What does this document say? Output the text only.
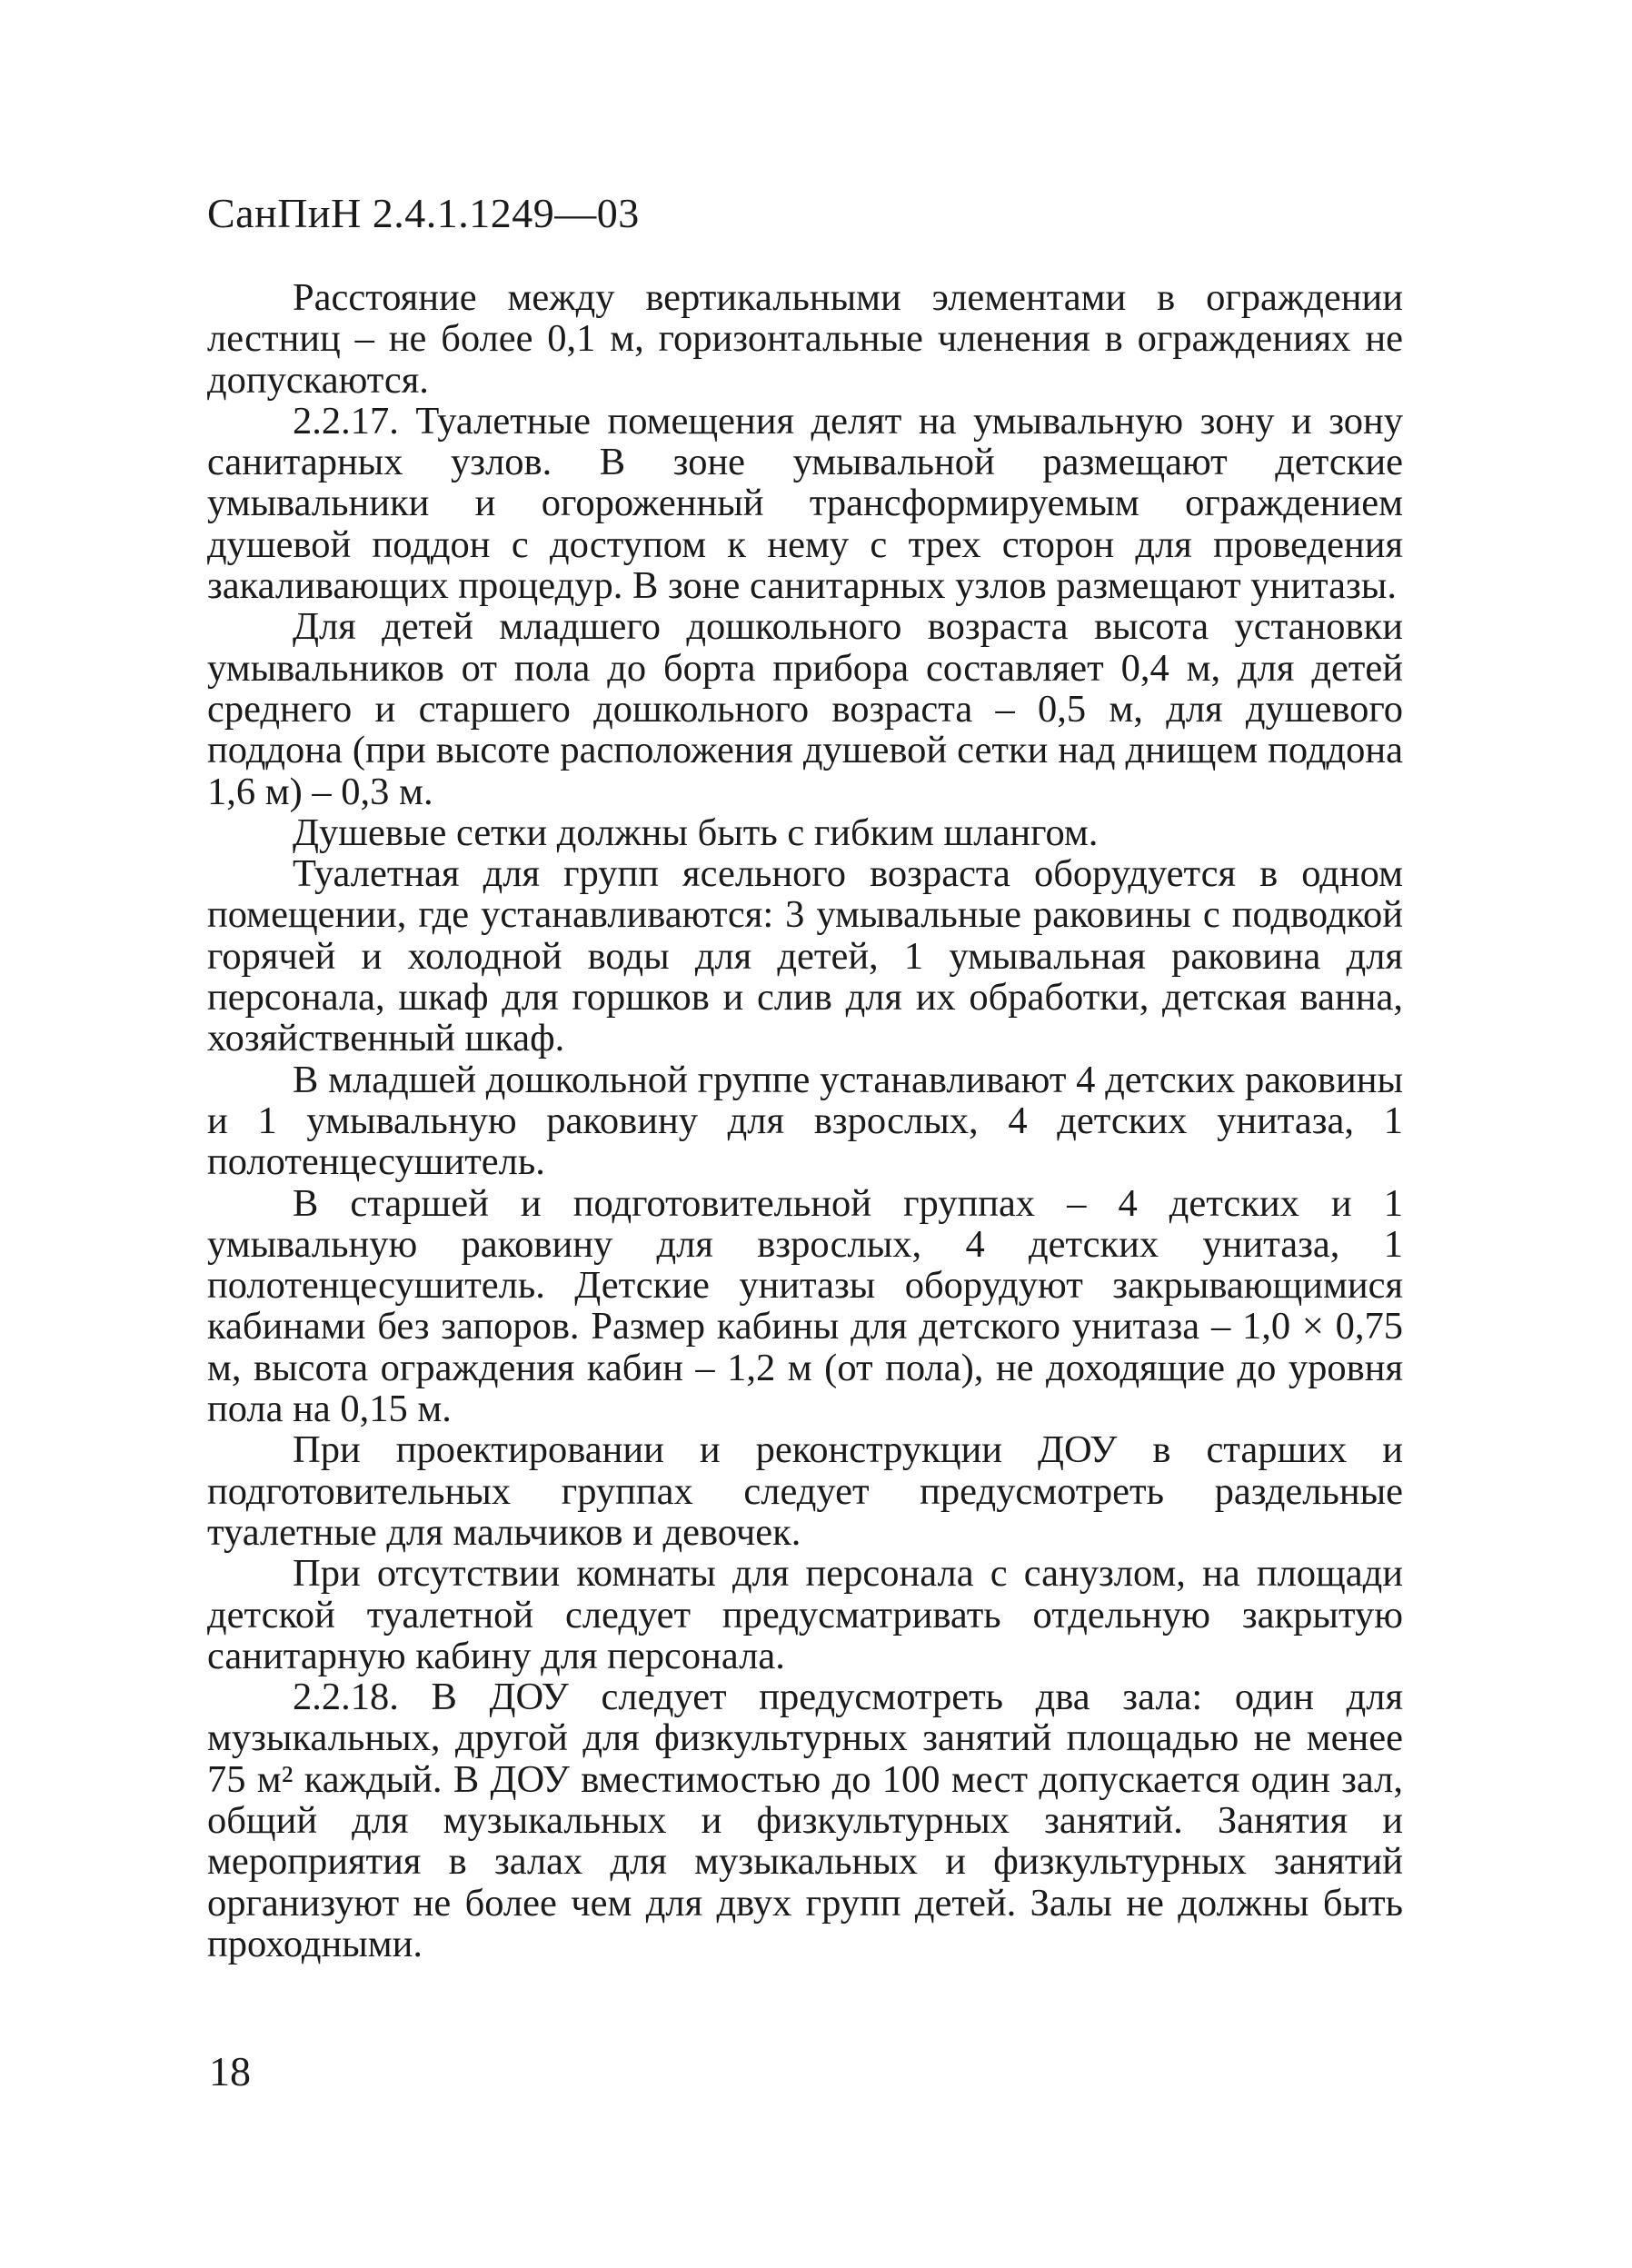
СанПиН 2.4.1.1249—03

Расстояние между вертикальными элементами в ограждении лестниц – не более 0,1 м, горизонтальные членения в ограждениях не допускаются.

2.2.17. Туалетные помещения делят на умывальную зону и зону санитарных узлов. В зоне умывальной размещают детские умывальники и огороженный трансформируемым ограждением душевой поддон с доступом к нему с трех сторон для проведения закаливающих процедур. В зоне санитарных узлов размещают унитазы.

Для детей младшего дошкольного возраста высота установки умывальников от пола до борта прибора составляет 0,4 м, для детей среднего и старшего дошкольного возраста – 0,5 м, для душевого поддона (при высоте расположения душевой сетки над днищем поддона 1,6 м) – 0,3 м.

Душевые сетки должны быть с гибким шлангом.

Туалетная для групп ясельного возраста оборудуется в одном помещении, где устанавливаются: 3 умывальные раковины с подводкой горячей и холодной воды для детей, 1 умывальная раковина для персонала, шкаф для горшков и слив для их обработки, детская ванна, хозяйственный шкаф.

В младшей дошкольной группе устанавливают 4 детских раковины и 1 умывальную раковину для взрослых, 4 детских унитаза, 1 полотенцесушитель.

В старшей и подготовительной группах – 4 детских и 1 умывальную раковину для взрослых, 4 детских унитаза, 1 полотенцесушитель. Детские унитазы оборудуют закрывающимися кабинами без запоров. Размер кабины для детского унитаза – 1,0 × 0,75 м, высота ограждения кабин – 1,2 м (от пола), не доходящие до уровня пола на 0,15 м.

При проектировании и реконструкции ДОУ в старших и подготовительных группах следует предусмотреть раздельные туалетные для мальчиков и девочек.

При отсутствии комнаты для персонала с санузлом, на площади детской туалетной следует предусматривать отдельную закрытую санитарную кабину для персонала.

2.2.18. В ДОУ следует предусмотреть два зала: один для музыкальных, другой для физкультурных занятий площадью не менее 75 м² каждый. В ДОУ вместимостью до 100 мест допускается один зал, общий для музыкальных и физкультурных занятий. Занятия и мероприятия в залах для музыкальных и физкультурных занятий организуют не более чем для двух групп детей. Залы не должны быть проходными.

18
